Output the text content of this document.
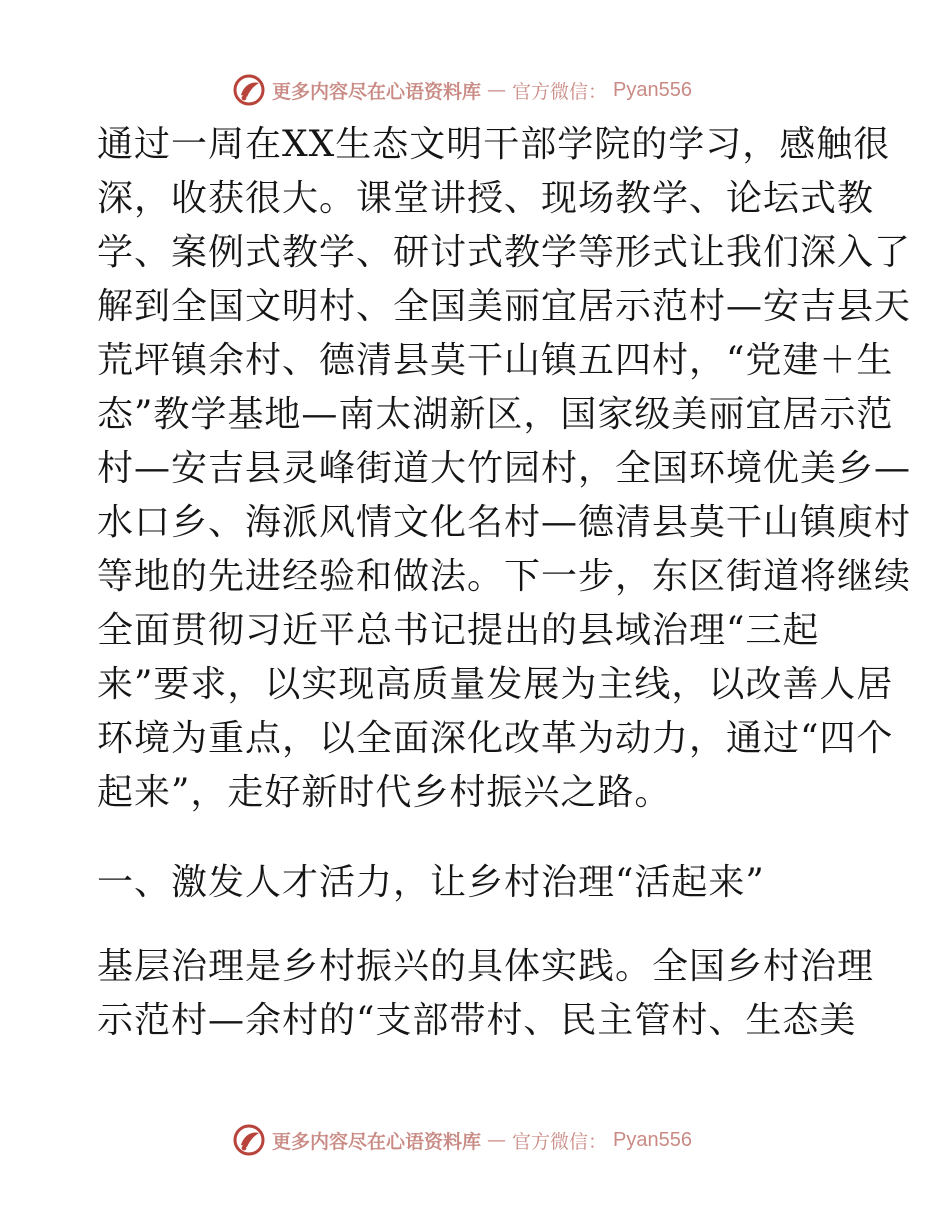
更多内容尽在心语资料库 — 官方微信： Pyan556
通过一周在XX生态文明干部学院的学习，感触很
深，收获很大。课堂讲授、现场教学、论坛式教
学、案例式教学、研讨式教学等形式让我们深入了
解到全国文明村、全国美丽宜居示范村—安吉县天
荒坪镇余村、德清县莫干山镇五四村，“党建＋生
态”教学基地—南太湖新区，国家级美丽宜居示范
村—安吉县灵峰街道大竹园村，全国环境优美乡—
水口乡、海派风情文化名村—德清县莫干山镇庾村
等地的先进经验和做法。下一步，东区街道将继续
全面贯彻习近平总书记提出的县域治理“三起
来”要求，以实现高质量发展为主线，以改善人居
环境为重点，以全面深化改革为动力，通过“四个
起来”，走好新时代乡村振兴之路。
一、激发人才活力，让乡村治理“活起来”
基层治理是乡村振兴的具体实践。全国乡村治理
示范村—余村的“支部带村、民主管村、生态美
更多内容尽在心语资料库 — 官方微信： Pyan556
